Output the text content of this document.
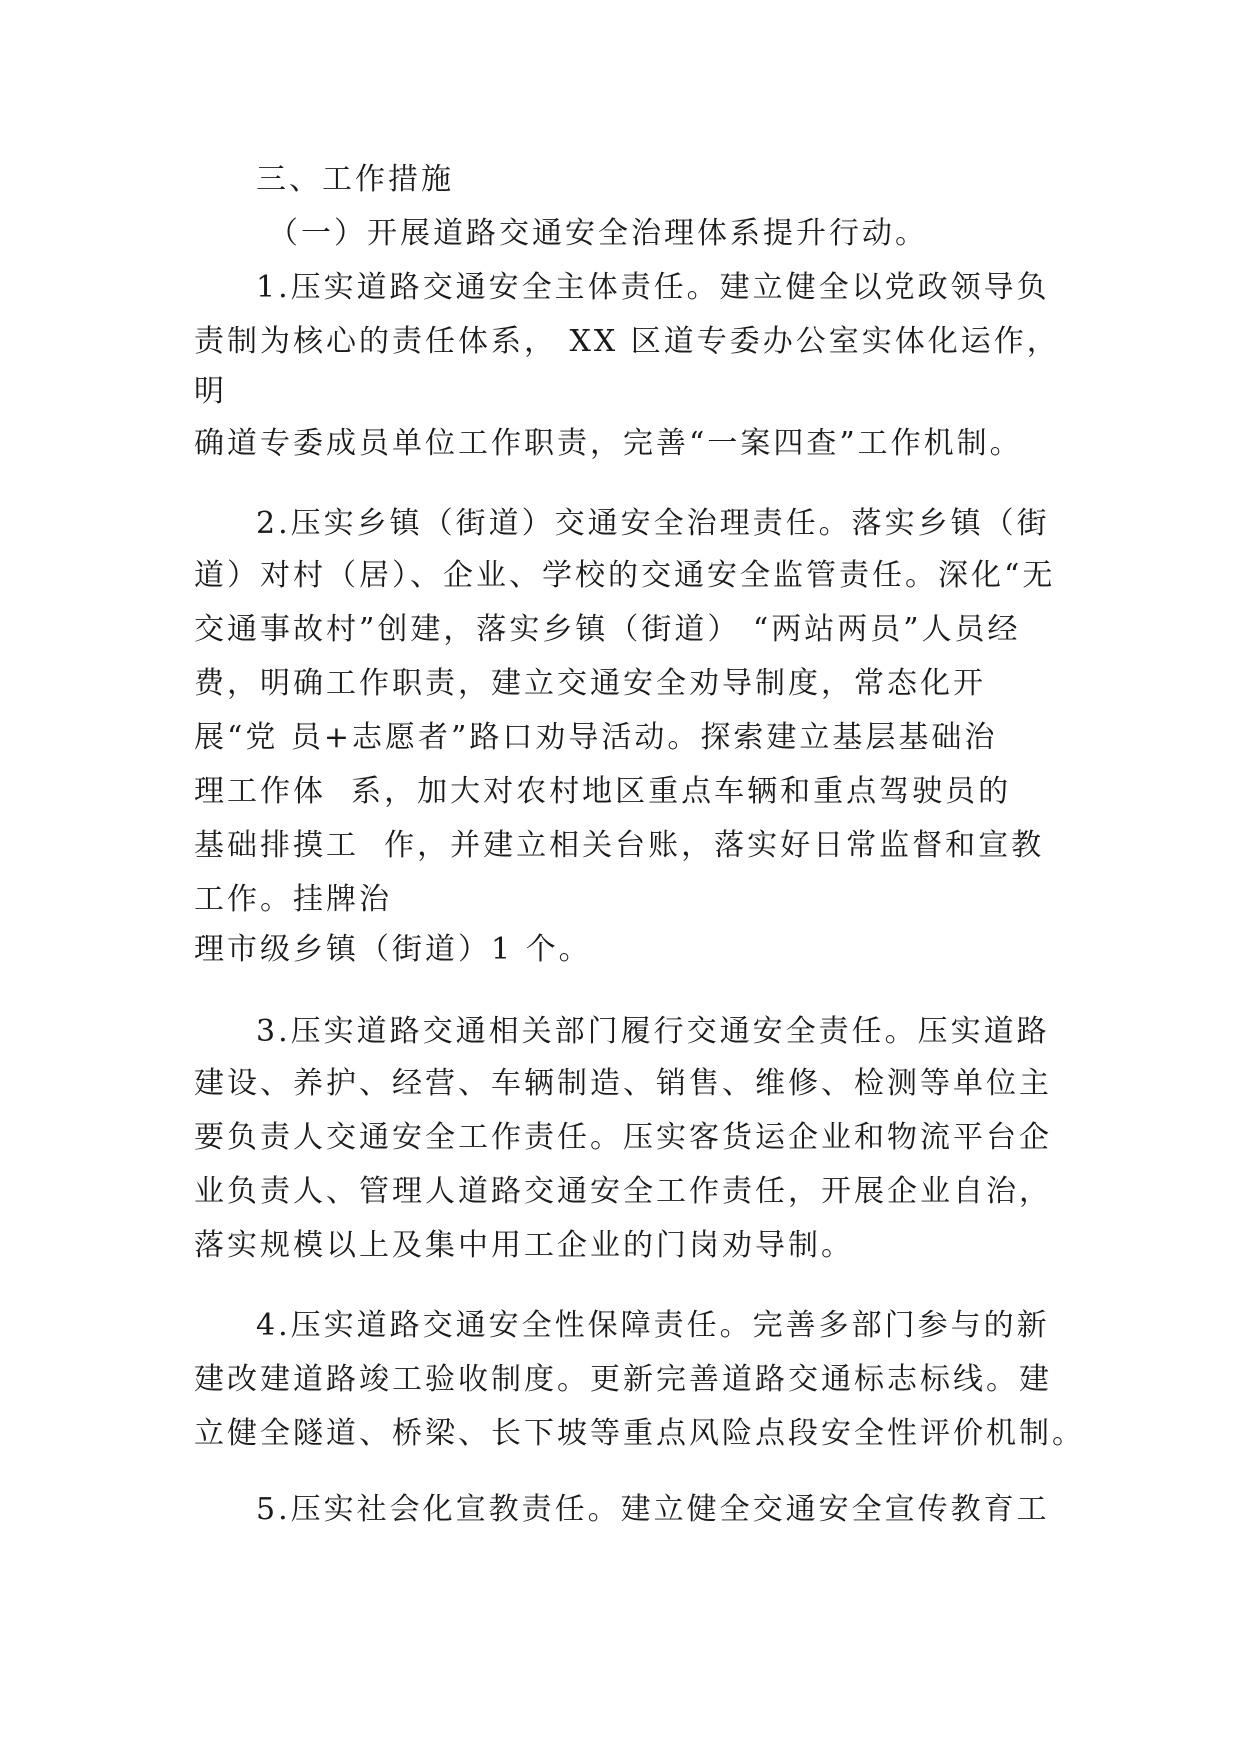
三、工作措施
（一）开展道路交通安全治理体系提升行动。
1.压实道路交通安全主体责任。建立健全以党政领导负
责制为核心的责任体系， XX 区道专委办公室实体化运作，
明
确道专委成员单位工作职责，完善“一案四查”工作机制。
2.压实乡镇（街道）交通安全治理责任。落实乡镇（街
道）对村（居）、企业、学校的交通安全监管责任。深化“无
交通事故村”创建，落实乡镇（街道） “两站两员”人员经
费，明确工作职责，建立交通安全劝导制度，常态化开
展“党 员+志愿者”路口劝导活动。探索建立基层基础治
理工作体  系，加大对农村地区重点车辆和重点驾驶员的
基础排摸工  作，并建立相关台账，落实好日常监督和宣教
工作。挂牌治
理市级乡镇（街道）1 个。
3.压实道路交通相关部门履行交通安全责任。压实道路
建设、养护、经营、车辆制造、销售、维修、检测等单位主
要负责人交通安全工作责任。压实客货运企业和物流平台企
业负责人、管理人道路交通安全工作责任，开展企业自治，
落实规模以上及集中用工企业的门岗劝导制。
4.压实道路交通安全性保障责任。完善多部门参与的新
建改建道路竣工验收制度。更新完善道路交通标志标线。建
立健全隧道、桥梁、长下坡等重点风险点段安全性评价机制。
5.压实社会化宣教责任。建立健全交通安全宣传教育工
